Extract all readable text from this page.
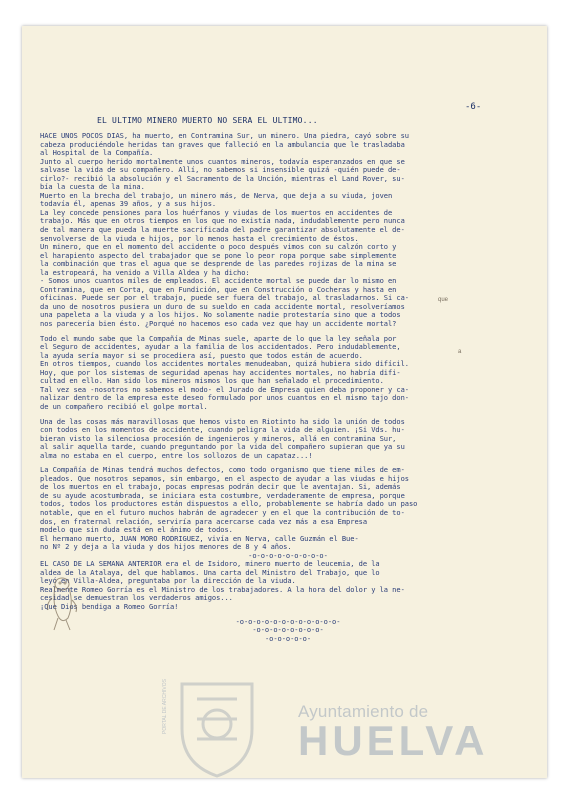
-6-
EL ULTIMO MINERO MUERTO NO SERA EL ULTIMO...
que
a

HACE UNOS POCOS DIAS, ha muerto, en Contramina Sur, un minero. Una piedra, cayó sobre su

cabeza produciéndole heridas tan graves que falleció en la ambulancia que le trasladaba

al Hospital de la Compañía.

Junto al cuerpo herido mortalmente unos cuantos mineros, todavía esperanzados en que se

salvase la vida de su compañero. Allí, no sabemos si insensible quizá -quién puede de-

cirlo?- recibió la absolución y el Sacramento de la Unción, mientras el Land Rover, su-

bía la cuesta de la mina.

Muerto en la brecha del trabajo, un minero más, de Nerva, que deja a su viuda, joven

todavía él, apenas 39 años, y a sus hijos.

La ley concede pensiones para los huérfanos y viudas de los muertos en accidentes de

trabajo. Más que en otros tiempos en los que no existía nada, indudablemente pero nunca

de tal manera que pueda la muerte sacrificada del padre garantizar absolutamente el de-

senvolverse de la viuda e hijos, por lo menos hasta el crecimiento de éstos.

Un minero, que en el momento del accidente o poco después vimos con su calzón corto y

el harapiento aspecto del trabajador que se pone lo peor ropa porque sabe simplemente

la combinación que tras el agua que se desprende de las paredes rojizas de la mina se

la estropeará, ha venido a Villa Aldea y ha dicho:

- Somos unos cuantos miles de empleados. El accidente mortal se puede dar lo mismo en

Contramina, que en Corta, que en Fundición, que en Construcción o Cocheras y hasta en

oficinas. Puede ser por el trabajo, puede ser fuera del trabajo, al trasladarnos. Si ca-

da uno de nosotros pusiera un duro de su sueldo en cada accidente mortal, resolveríamos

una papeleta a la viuda y a los hijos. No solamente nadie protestaría sino que a todos

nos parecería bien ésto. ¿Porqué no hacemos eso cada vez que hay un accidente mortal?

Todo el mundo sabe que la Compañía de Minas suele, aparte de lo que la ley señala por

el Seguro de accidentes, ayudar a la familia de los accidentados. Pero indudablemente,

la ayuda sería mayor si se procediera así, puesto que todos están de acuerdo.

En otros tiempos, cuando los accidentes mortales menudeaban, quizá hubiera sido difícil.

Hoy, que por los sistemas de seguridad apenas hay accidentes mortales, no habría difi-

cultad en ello. Han sido los mineros mismos los que han señalado el procedimiento.

Tal vez sea -nosotros no sabemos el modo- el Jurado de Empresa quien deba proponer y ca-

nalizar dentro de la empresa este deseo formulado por unos cuantos en el mismo tajo don-

de un compañero recibió el golpe mortal.

Una de las cosas más maravillosas que hemos visto en Riotinto ha sido la unión de todos

con todos en los momentos de accidente, cuando peligra la vida de alguien. ¡Si Vds. hu-

bieran visto la silenciosa procesión de ingenieros y mineros, allá en contramina Sur,

al salir aquella tarde, cuando preguntando por la vida del compañero supieran que ya su

alma no estaba en el cuerpo, entre los sollozos de un capataz...!

La Compañía de Minas tendrá muchos defectos, como todo organismo que tiene miles de em-

pleados. Que nosotros sepamos, sin embargo, en el aspecto de ayudar a las viudas e hijos

de los muertos en el trabajo, pocas empresas podrán decir que le aventajan. Si, además

de su ayude acostumbrada, se iniciara esta costumbre, verdaderamente de empresa, porque

todos, todos los productores están dispuestos a ello, probablemente se habría dado un paso

notable, que en el futuro muchos habrán de agradecer y en el que la contribución de to-

dos, en fraternal relación, serviría para acercarse cada vez más a esa Empresa

modelo que sin duda está en el ánimo de todos.

El hermano muerto, JUAN MORO RODRIGUEZ, vivía en Nerva, calle Guzmán el Bue-

no Nº 2 y deja a la viuda y dos hijos menores de 8 y 4 años.

-o-o-o-o-o-o-o-o-o-

EL CASO DE LA SEMANA ANTERIOR era el de Isidoro, minero muerto de leucemia, de la

aldea de la Atalaya, del que hablamos. Una carta del Ministro del Trabajo, que lo

leyó en Villa-Aldea, preguntaba por la dirección de la viuda.

Realmente Romeo Gorría es el Ministro de los trabajadores. A la hora del dolor y la ne-

cesidad se demuestran los verdaderos amigos...

¡Que Dios bendiga a Romeo Gorría!

-o-o-o-o-o-o-o-o-o-o-o-o-

-o-o-o-o-o-o-o-o-

-o-o-o-o-o-

PORTAL DE ARCHIVOS	Ayuntamiento de
HUELVA
